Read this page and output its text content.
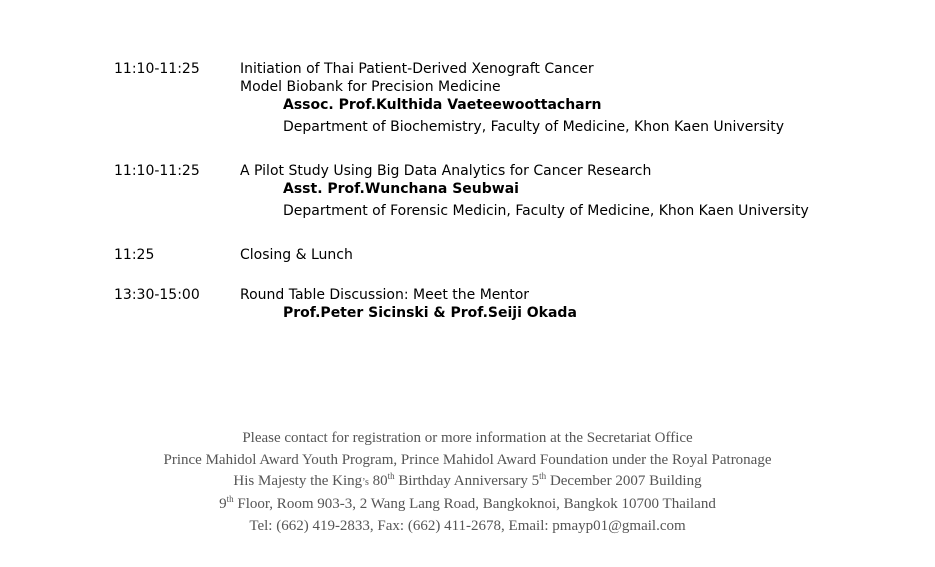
11:10-11:25	Initiation of Thai Patient-Derived Xenograft Cancer
Model Biobank for Precision Medicine
Assoc. Prof.Kulthida Vaeteewoottacharn
Department of Biochemistry, Faculty of Medicine, Khon Kaen University
11:10-11:25	A Pilot Study Using Big Data Analytics for Cancer Research
Asst. Prof.Wunchana Seubwai
Department of Forensic Medicin, Faculty of Medicine, Khon Kaen University
11:25	Closing & Lunch
13:30-15:00	Round Table Discussion: Meet the Mentor
Prof.Peter Sicinski & Prof.Seiji Okada
Please contact for registration or more information at the Secretariat Office
Prince Mahidol Award Youth Program, Prince Mahidol Award Foundation under the Royal Patronage
His Majesty the King’s 80th Birthday Anniversary 5th December 2007 Building
9th Floor, Room 903-3, 2 Wang Lang Road, Bangkoknoi, Bangkok 10700 Thailand
Tel: (662) 419-2833, Fax: (662) 411-2678, Email: pmayp01@gmail.com
